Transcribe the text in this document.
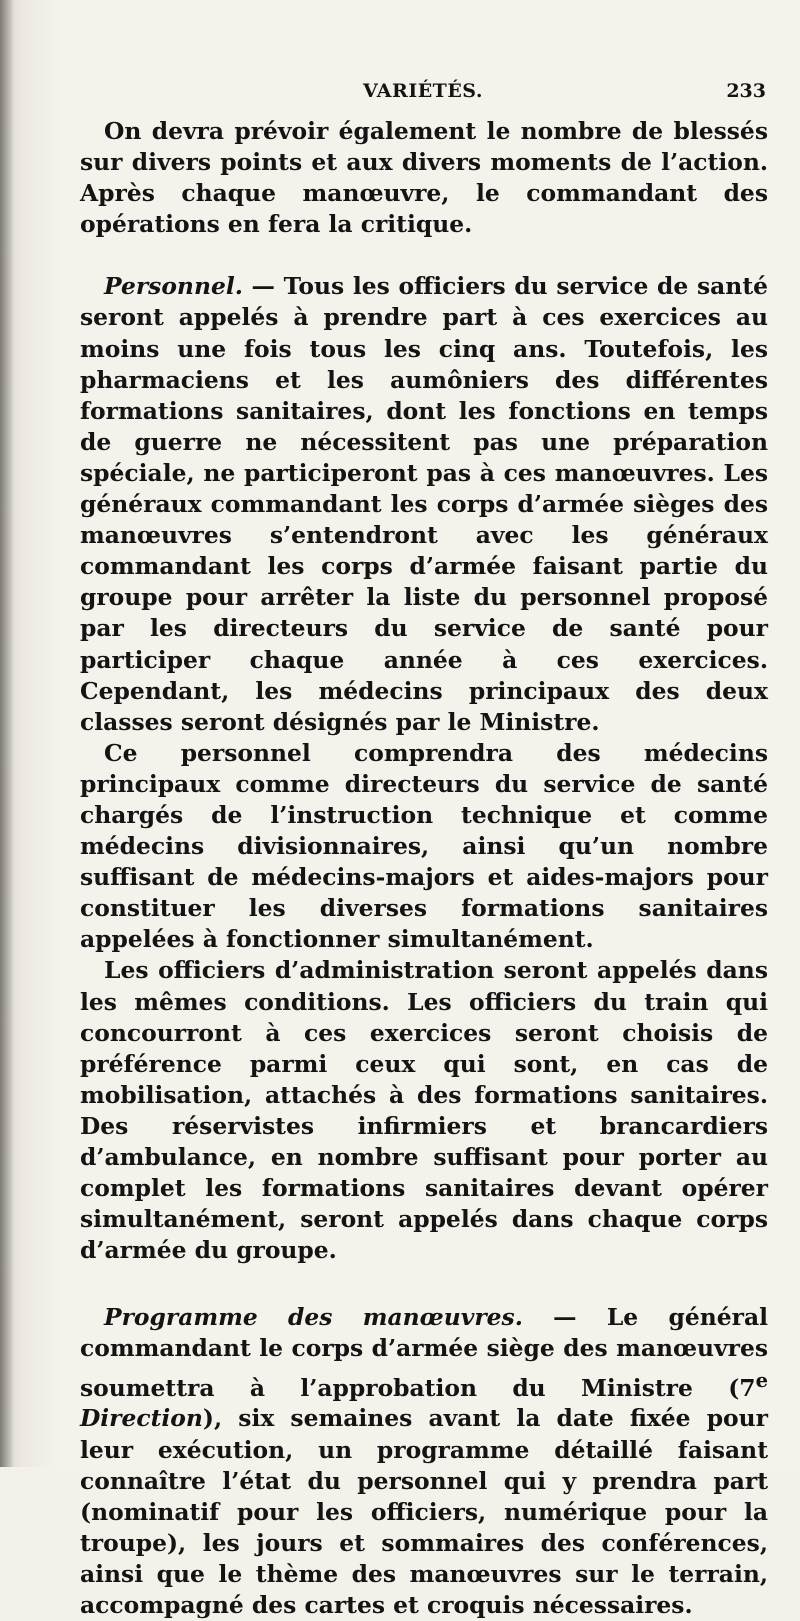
VARIÉTÉS.	233

On devra prévoir également le nombre de blessés sur divers points et aux divers moments de l’action. Après chaque manœuvre, le commandant des opérations en fera la critique.

Personnel. — Tous les officiers du service de santé seront appelés à prendre part à ces exercices au moins une fois tous les cinq ans. Toutefois, les pharmaciens et les aumôniers des différentes formations sanitaires, dont les fonctions en temps de guerre ne nécessitent pas une préparation spéciale, ne participeront pas à ces manœuvres. Les généraux commandant les corps d’armée sièges des manœuvres s’entendront avec les généraux commandant les corps d’armée faisant partie du groupe pour arrêter la liste du personnel proposé par les directeurs du service de santé pour participer chaque année à ces exercices. Cependant, les médecins principaux des deux classes seront désignés par le Ministre.

Ce personnel comprendra des médecins principaux comme directeurs du service de santé chargés de l’instruction technique et comme médecins divisionnaires, ainsi qu’un nombre suffisant de médecins-majors et aides-majors pour constituer les diverses formations sanitaires appelées à fonctionner simultanément.

Les officiers d’administration seront appelés dans les mêmes conditions. Les officiers du train qui concourront à ces exercices seront choisis de préférence parmi ceux qui sont, en cas de mobilisation, attachés à des formations sanitaires. Des réservistes infirmiers et brancardiers d’ambulance, en nombre suffisant pour porter au complet les formations sanitaires devant opérer simultanément, seront appelés dans chaque corps d’armée du groupe.

Programme des manœuvres. — Le général commandant le corps d’armée siège des manœuvres soumettra à l’approbation du Ministre (7e Direction), six semaines avant la date fixée pour leur exécution, un programme détaillé faisant connaître l’état du personnel qui y prendra part (nominatif pour les officiers, numérique pour la troupe), les jours et sommaires des conférences, ainsi que le thème des manœuvres sur le terrain, accompagné des cartes et croquis nécessaires.
